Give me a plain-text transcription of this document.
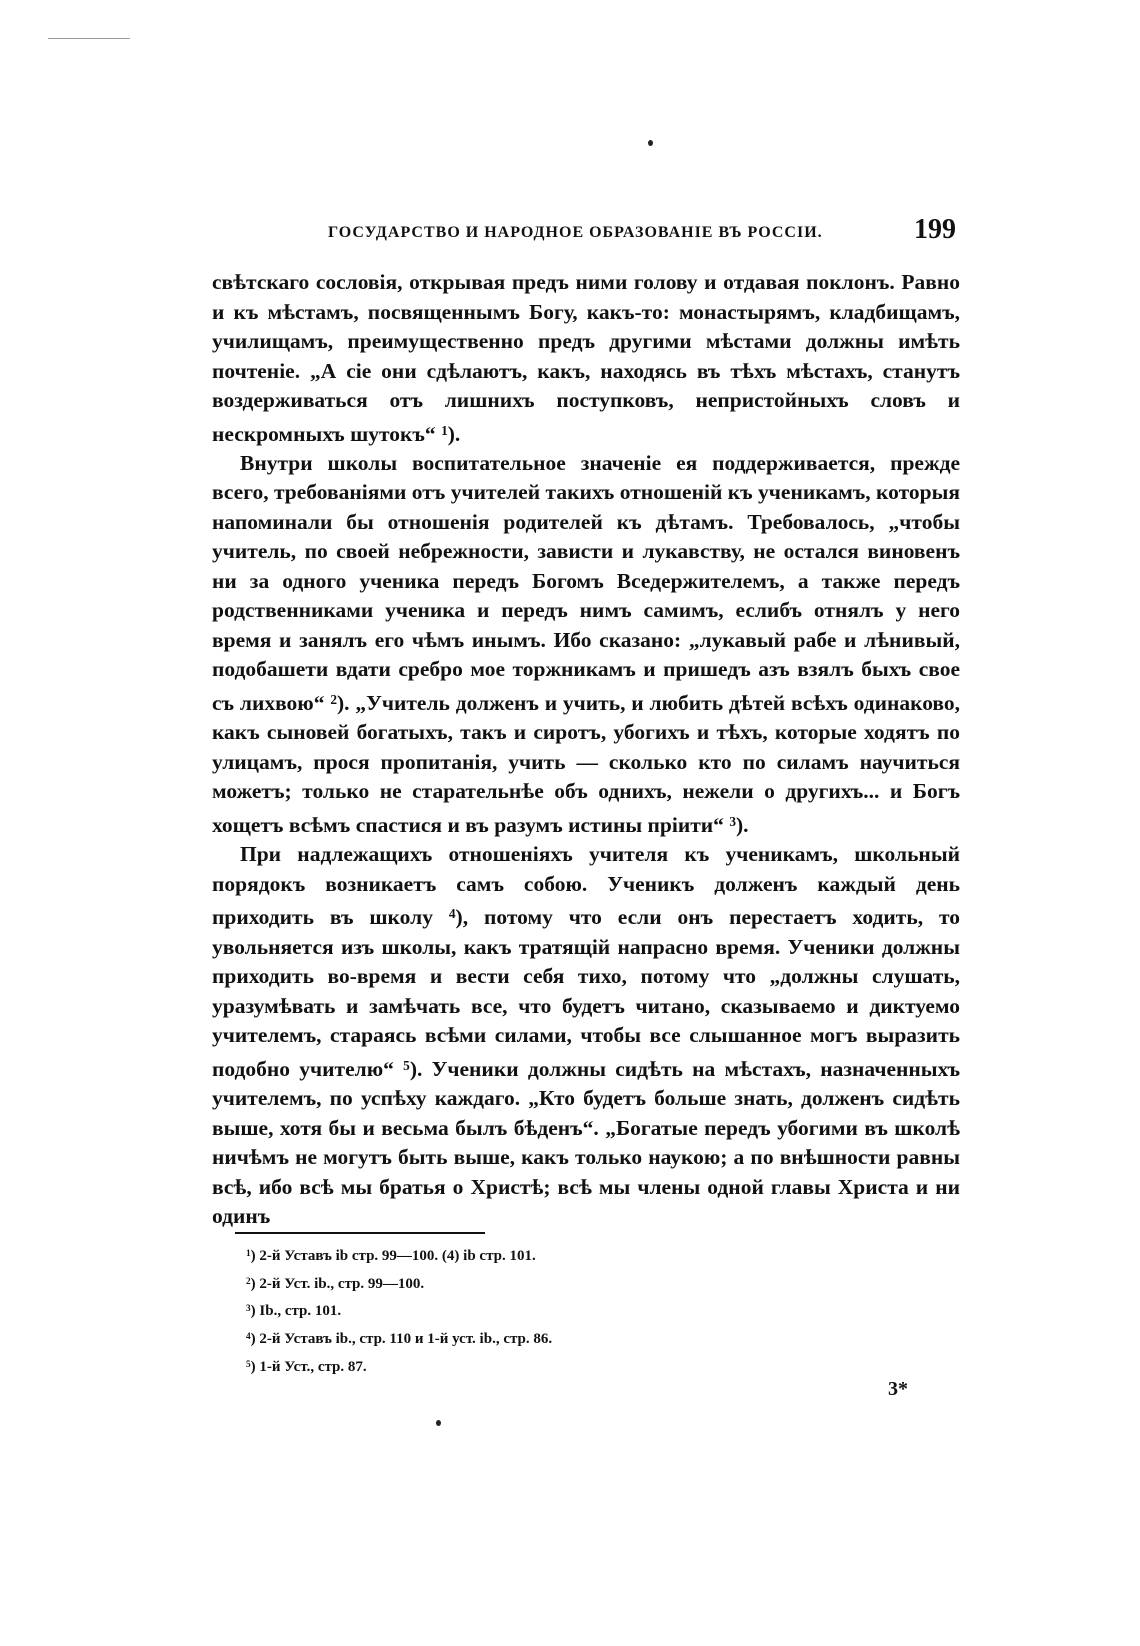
ГОСУДАРСТВО И НАРОДНОЕ ОБРАЗОВАНІЕ ВЪ РОССІИ.	199

свѣтскаго сословія, открывая предъ ними голову и отдавая поклонъ. Равно и къ мѣстамъ, посвященнымъ Богу, какъ-то: монастырямъ, кладбищамъ, училищамъ, преимущественно предъ другими мѣстами должны имѣть почтеніе. „А сіе они сдѣлаютъ, какъ, находясь въ тѣхъ мѣстахъ, станутъ воздерживаться отъ лишнихъ поступковъ, непристойныхъ словъ и нескромныхъ шутокъ“ $^1$).

Внутри школы воспитательное значеніе ея поддерживается, прежде всего, требованіями отъ учителей такихъ отношеній къ ученикамъ, которыя напоминали бы отношенія родителей къ дѣтамъ. Требовалось, „чтобы учитель, по своей небрежности, зависти и лукавству, не остался виновенъ ни за одного ученика передъ Богомъ Вседержителемъ, а также передъ родственниками ученика и передъ нимъ самимъ, еслибъ отнялъ у него время и занялъ его чѣмъ инымъ. Ибо сказано: „лукавый рабе и лѣнивый, подобашети вдати сребро мое торжникамъ и пришедъ азъ взялъ быхъ свое съ лихвою“ $^2$). „Учитель долженъ и учить, и любить дѣтей всѣхъ одинаково, какъ сыновей богатыхъ, такъ и сиротъ, убогихъ и тѣхъ, которые ходятъ по улицамъ, прося пропитанія, учить — сколько кто по силамъ научиться можетъ; только не старательнѣе объ однихъ, нежели о другихъ... и Богъ хощетъ всѣмъ спастися и въ разумъ истины пріити“ $^3$).

При надлежащихъ отношеніяхъ учителя къ ученикамъ, школьный порядокъ возникаетъ самъ собою. Ученикъ долженъ каждый день приходить въ школу $^4$), потому что если онъ перестаетъ ходить, то увольняется изъ школы, какъ тратящій напрасно время. Ученики должны приходить во-время и вести себя тихо, потому что „должны слушать, уразумѣвать и замѣчать все, что будетъ читано, сказываемо и диктуемо учителемъ, стараясь всѣми силами, чтобы все слышанное могъ выразить подобно учителю“ $^5$). Ученики должны сидѣть на мѣстахъ, назначенныхъ учителемъ, по успѣху каждаго. „Кто будетъ больше знать, долженъ сидѣть выше, хотя бы и весьма былъ бѣденъ“. „Богатые передъ убогими въ школѣ ничѣмъ не могутъ быть выше, какъ только наукою; а по внѣшности равны всѣ, ибо всѣ мы братья о Христѣ; всѣ мы члены одной главы Христа и ни одинъ

$^1$) 2-й Уставъ ib стр. 99—100. (4) ib стр. 101.
$^2$) 2-й Уст. ib., стр. 99—100.
$^3$) Ib., стр. 101.
$^4$) 2-й Уставъ ib., стр. 110 и 1-й уст. ib., стр. 86.
$^5$) 1-й Уст., стр. 87.
3*
